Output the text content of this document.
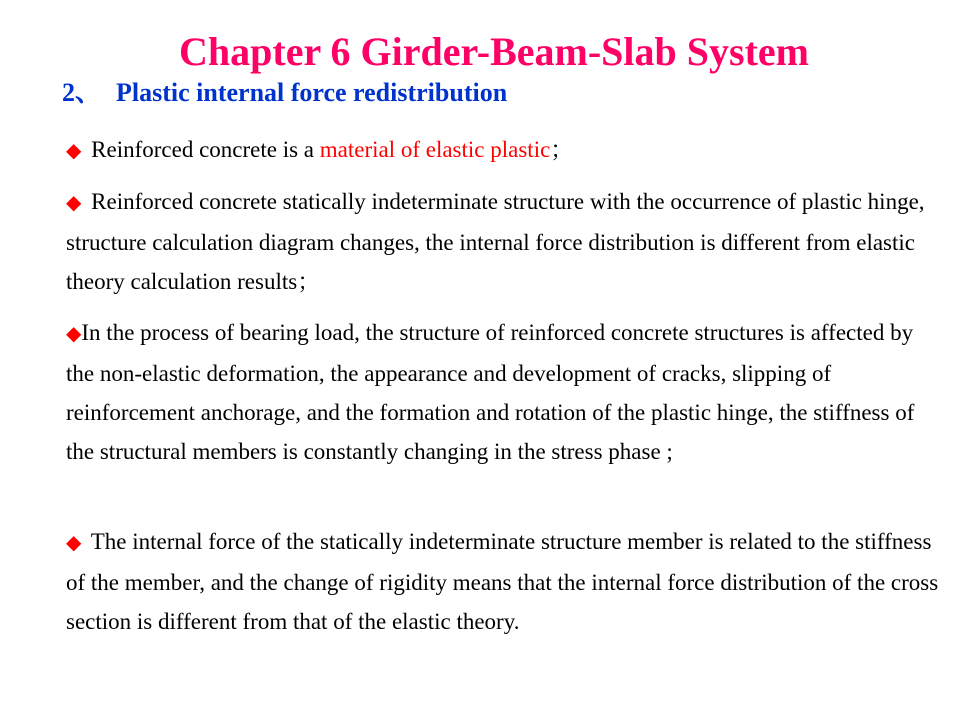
Chapter 6 Girder-Beam-Slab System
2、 Plastic internal force redistribution
◆ Reinforced concrete is a material of elastic plastic；
◆ Reinforced concrete statically indeterminate structure with the occurrence of plastic hinge, structure calculation diagram changes, the internal force distribution is different from elastic theory calculation results；
◆In the process of bearing load, the structure of reinforced concrete structures is affected by the non-elastic deformation, the appearance and development of cracks, slipping of reinforcement anchorage, and the formation and rotation of the plastic hinge, the stiffness of the structural members is constantly changing in the stress phase ;
◆ The internal force of the statically indeterminate structure member is related to the stiffness of the member, and the change of rigidity means that the internal force distribution of the cross section is different from that of the elastic theory.
